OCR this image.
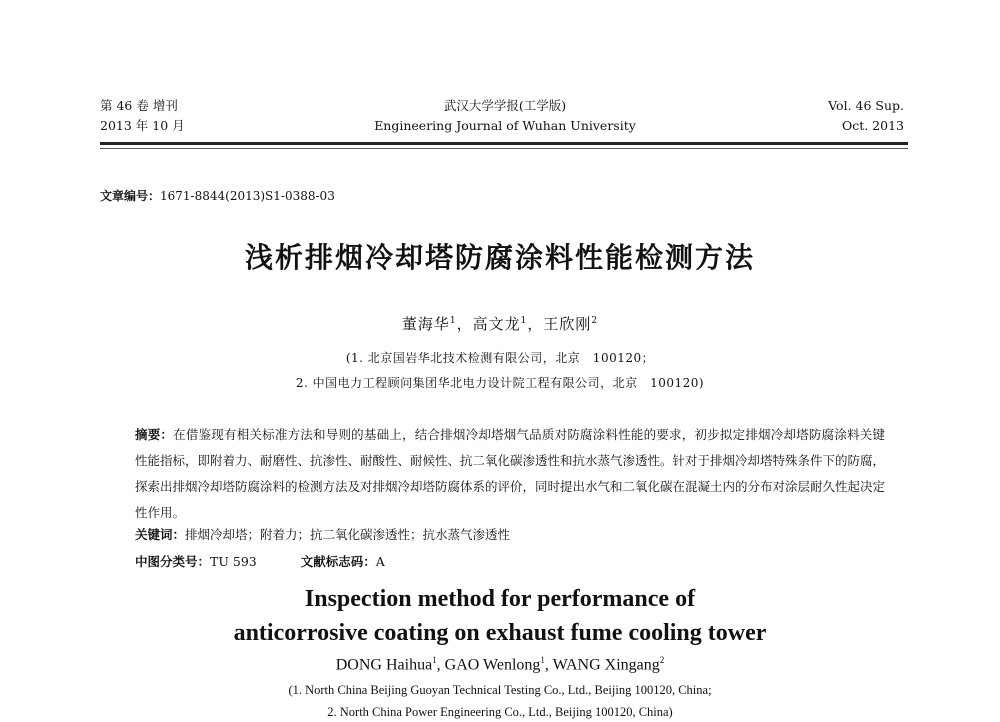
第 46 卷 增刊
2013 年 10 月
武汉大学学报(工学版)
Engineering Journal of Wuhan University
Vol. 46 Sup.
Oct. 2013
文章编号：1671-8844(2013)S1-0388-03
浅析排烟冷却塔防腐涂料性能检测方法
董海华$^1$，高文龙$^1$，王欣刚$^2$
(1. 北京国岩华北技术检测有限公司，北京　100120；
2. 中国电力工程顾问集团华北电力设计院工程有限公司，北京　100120)
摘要：在借鉴现有相关标准方法和导则的基础上，结合排烟冷却塔烟气品质对防腐涂料性能的要求，初步拟定排烟冷却塔防腐涂料关键性能指标，即附着力、耐磨性、抗渗性、耐酸性、耐候性、抗二氧化碳渗透性和抗水蒸气渗透性。针对于排烟冷却塔特殊条件下的防腐，探索出排烟冷却塔防腐涂料的检测方法及对排烟冷却塔防腐体系的评价，同时提出水气和二氧化碳在混凝土内的分布对涂层耐久性起决定性作用。
关键词：排烟冷却塔；附着力；抗二氧化碳渗透性；抗水蒸气渗透性
中图分类号：TU 593	文献标志码：A
Inspection method for performance of
anticorrosive coating on exhaust fume cooling tower
DONG Haihua$^1$, GAO Wenlong$^1$, WANG Xingang$^2$
(1. North China Beijing Guoyan Technical Testing Co., Ltd., Beijing 100120, China;
2. North China Power Engineering Co., Ltd., Beijing 100120, China)
